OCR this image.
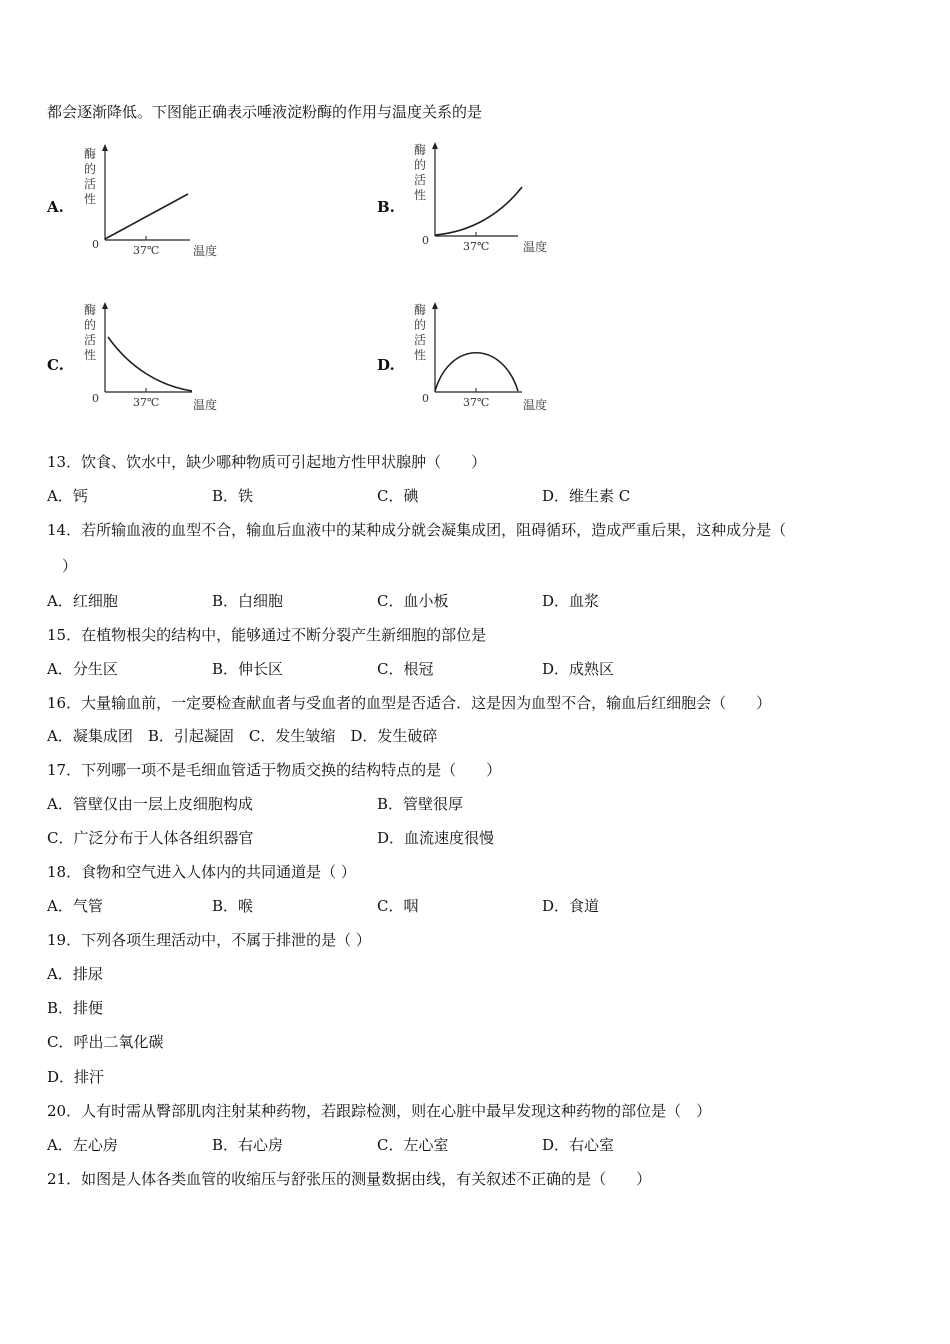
都会逐渐降低。下图能正确表示唾液淀粉酶的作用与温度关系的是
A.
酶
的
活
性
0	37℃	温度
B.
酶
的
活
性
0	37℃	温度
C.
酶
的
活
性
0	37℃	温度
D.
酶
的
活
性
0	37℃	温度
13．饮食、饮水中，缺少哪种物质可引起地方性甲状腺肿（　　）
A．钙	B．铁	C．碘	D．维生素 C
14．若所输血液的血型不合，输血后血液中的某种成分就会凝集成团，阻碍循环，造成严重后果，这种成分是（
）
A．红细胞	B．白细胞	C．血小板	D．血浆
15．在植物根尖的结构中，能够通过不断分裂产生新细胞的部位是
A．分生区	B．伸长区	C．根冠	D．成熟区
16．大量输血前，一定要检查献血者与受血者的血型是否适合．这是因为血型不合，输血后红细胞会（　　）
A．凝集成团　B．引起凝固　C．发生皱缩　D．发生破碎
17．下列哪一项不是毛细血管适于物质交换的结构特点的是（　　）
A．管壁仅由一层上皮细胞构成	B．管壁很厚
C．广泛分布于人体各组织器官	D．血流速度很慢
18．食物和空气进入人体内的共同通道是（ ）
A．气管	B．喉	C．咽	D．食道
19．下列各项生理活动中，不属于排泄的是（ ）
A．排尿
B．排便
C．呼出二氧化碳
D．排汗
20．人有时需从臀部肌肉注射某种药物，若跟踪检测，则在心脏中最早发现这种药物的部位是（　）
A．左心房	B．右心房	C．左心室	D．右心室
21．如图是人体各类血管的收缩压与舒张压的测量数据由线，有关叙述不正确的是（　　）
